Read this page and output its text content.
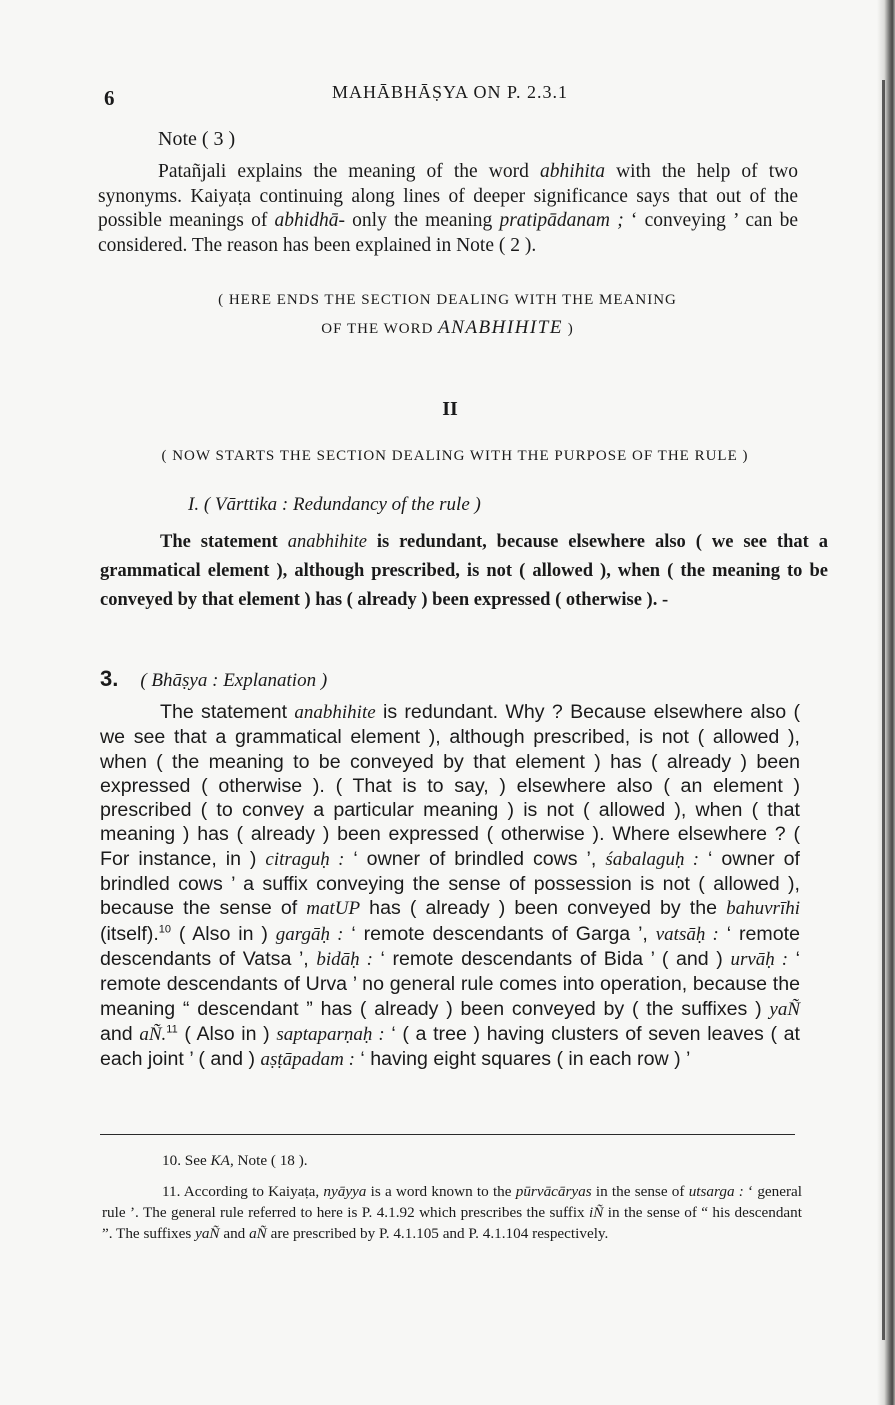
6	MAHĀBHĀṢYA ON P. 2.3.1
Note ( 3 )

Patañjali explains the meaning of the word abhihita with the help of two synonyms. Kaiyaṭa continuing along lines of deeper significance says that out of the possible meanings of abhidhā- only the meaning pratipādanam ; ‘ conveying ’ can be considered. The reason has been explained in Note ( 2 ).

( HERE ENDS THE SECTION DEALING WITH THE MEANING
OF THE WORD ANABHIHITE )
II
( NOW STARTS THE SECTION DEALING WITH THE PURPOSE OF THE RULE )
I. ( Vārttika : Redundancy of the rule )

The statement anabhihite is redundant, because elsewhere also ( we see that a grammatical element ), although prescribed, is not ( allowed ), when ( the meaning to be conveyed by that element ) has ( already ) been expressed ( otherwise ). -

3. ( Bhāṣya : Explanation )

The statement anabhihite is redundant. Why ? Because elsewhere also ( we see that a grammatical element ), although prescribed, is not ( allowed ), when ( the meaning to be conveyed by that element ) has ( already ) been expressed ( otherwise ). ( That is to say, ) elsewhere also ( an element ) prescribed ( to convey a particular meaning ) is not ( allowed ), when ( that meaning ) has ( already ) been expressed ( otherwise ). Where elsewhere ? ( For instance, in ) citraguḥ : ‘ owner of brindled cows ’, śabalaguḥ : ‘ owner of brindled cows ’ a suffix conveying the sense of possession is not ( allowed ), because the sense of matUP has ( already ) been conveyed by the bahuvrīhi (itself).$^{10}$ ( Also in ) gargāḥ : ‘ remote descendants of Garga ’, vatsāḥ : ‘ remote descendants of Vatsa ’, bidāḥ : ‘ remote descendants of Bida ’ ( and ) urvāḥ : ‘ remote descendants of Urva ’ no general rule comes into operation, because the meaning “ descendant ” has ( already ) been conveyed by ( the suffixes ) yaÑ and aÑ.$^{11}$ ( Also in ) saptaparṇaḥ : ‘ ( a tree ) having clusters of seven leaves ( at each joint ’ ( and ) aṣṭāpadam : ‘ having eight squares ( in each row ) ’

10. See KA, Note ( 18 ).

11. According to Kaiyaṭa, nyāyya is a word known to the pūrvācāryas in the sense of utsarga : ‘ general rule ’. The general rule referred to here is P. 4.1.92 which prescribes the suffix iÑ in the sense of “ his descendant ”. The suffixes yaÑ and aÑ are prescribed by P. 4.1.105 and P. 4.1.104 respectively.
